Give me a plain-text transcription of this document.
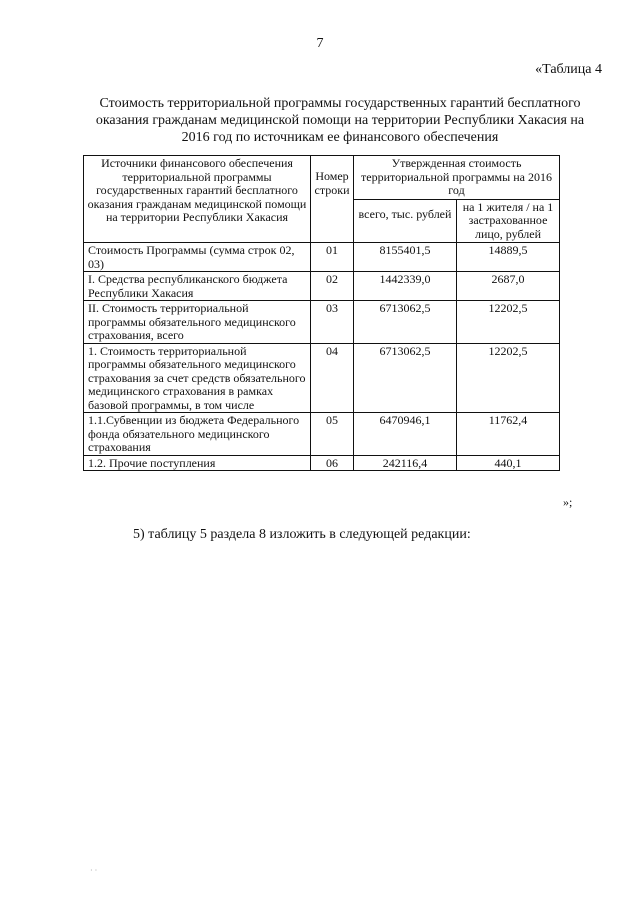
7
«Таблица 4
Стоимость территориальной программы государственных гарантий бесплатного оказания гражданам медицинской помощи на территории Республики Хакасия на 2016 год по источникам ее финансового обеспечения
Источники финансового обеспечения территориальной программы государственных гарантий бесплатного оказания гражданам медицинской помощи на территории Республики Хакасия	Номер строки	Утвержденная стоимость территориальной программы на 2016 год	
		всего, тыс. рублей	на 1 жителя / на 1 застрахованное лицо, рублей
Стоимость Программы (сумма строк 02, 03)	01	8155401,5	14889,5
I. Средства республиканского бюджета Республики Хакасия	02	1442339,0	2687,0
II. Стоимость территориальной программы обязательного медицинского страхования, всего	03	6713062,5	12202,5
1. Стоимость территориальной программы обязательного медицинского страхования за счет средств обязательного медицинского страхования в рамках базовой программы, в том числе	04	6713062,5	12202,5
1.1.Субвенции из бюджета Федерального фонда обязательного медицинского страхования	05	6470946,1	11762,4
1.2. Прочие поступления	06	242116,4	440,1
»;
5) таблицу 5 раздела 8 изложить в следующей редакции:
· ·
